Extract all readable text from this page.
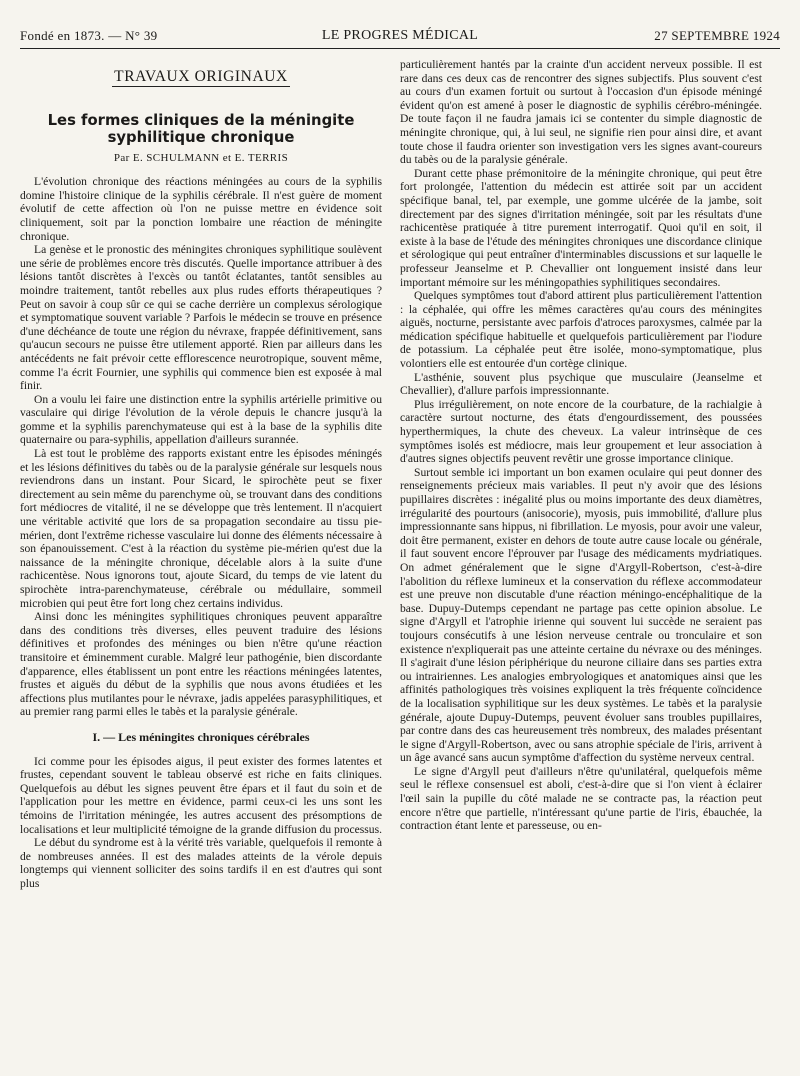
Fondé en 1873. — N° 39	LE PROGRES MÉDICAL	27 SEPTEMBRE 1924
TRAVAUX ORIGINAUX
Les formes cliniques de la méningite syphilitique chronique
Par E. SCHULMANN et E. TERRIS

L'évolution chronique des réactions méningées au cours de la syphilis domine l'histoire clinique de la syphilis cérébrale. Il n'est guère de moment évolutif de cette affection où l'on ne puisse mettre en évidence soit cliniquement, soit par la ponction lombaire une réaction de méningite chronique.

La genèse et le pronostic des méningites chroniques syphilitique soulèvent une série de problèmes encore très discutés. Quelle importance attribuer à des lésions tantôt discrètes à l'excès ou tantôt éclatantes, tantôt sensibles au moindre traitement, tantôt rebelles aux plus rudes efforts thérapeutiques ? Peut on savoir à coup sûr ce qui se cache derrière un complexus sérologique et symptomatique souvent variable ? Parfois le médecin se trouve en présence d'une déchéance de toute une région du névraxe, frappée définitivement, sans qu'aucun secours ne puisse être utilement apporté. Rien par ailleurs dans les antécédents ne fait prévoir cette efflorescence neurotropique, souvent même, comme l'a écrit Fournier, une syphilis qui commence bien est exposée à mal finir.

On a voulu lei faire une distinction entre la syphilis artérielle primitive ou vasculaire qui dirige l'évolution de la vérole depuis le chancre jusqu'à la gomme et la syphilis parenchymateuse qui est à la base de la syphilis dite quaternaire ou para-syphilis, appellation d'ailleurs surannée.

Là est tout le problème des rapports existant entre les épisodes méningés et les lésions définitives du tabès ou de la paralysie générale sur lesquels nous reviendrons dans un instant. Pour Sicard, le spirochète peut se fixer directement au sein même du parenchyme où, se trouvant dans des conditions fort médiocres de vitalité, il ne se développe que très lentement. Il n'acquiert une véritable activité que lors de sa propagation secondaire au tissu pie-mérien, dont l'extrême richesse vasculaire lui donne des éléments nécessaire à son épanouissement. C'est à la réaction du système pie-mérien qu'est due la naissance de la méningite chronique, décelable alors à la suite d'une rachicentèse. Nous ignorons tout, ajoute Sicard, du temps de vie latent du spirochète intra-parenchymateuse, cérébrale ou médullaire, sommeil microbien qui peut être fort long chez certains individus.

Ainsi donc les méningites syphilitiques chroniques peuvent apparaître dans des conditions très diverses, elles peuvent traduire des lésions définitives et profondes des méninges ou bien n'être qu'une réaction transitoire et éminemment curable. Malgré leur pathogénie, bien discordante d'apparence, elles établissent un pont entre les réactions méningées latentes, frustes et aiguës du début de la syphilis que nous avons étudiées et les affections plus mutilantes pour le névraxe, jadis appelées parasyphilitiques, et au premier rang parmi elles le tabès et la paralysie générale.

I. — Les méningites chroniques cérébrales

Ici comme pour les épisodes aigus, il peut exister des formes latentes et frustes, cependant souvent le tableau observé est riche en faits cliniques. Quelquefois au début les signes peuvent être épars et il faut du soin et de l'application pour les mettre en évidence, parmi ceux-ci les uns sont les témoins de l'irritation méningée, les autres accusent des présomptions de localisations et leur multiplicité témoigne de la grande diffusion du processus.

Le début du syndrome est à la vérité très variable, quelquefois il remonte à de nombreuses années. Il est des malades atteints de la vérole depuis longtemps qui viennent solliciter des soins tardifs il en est d'autres qui sont plus

particulièrement hantés par la crainte d'un accident nerveux possible. Il est rare dans ces deux cas de rencontrer des signes subjectifs. Plus souvent c'est au cours d'un examen fortuit ou surtout à l'occasion d'un épisode méningé évident qu'on est amené à poser le diagnostic de syphilis cérébro-méningée. De toute façon il ne faudra jamais ici se contenter du simple diagnostic de méningite chronique, qui, à lui seul, ne signifie rien pour ainsi dire, et avant toute chose il faudra orienter son investigation vers les signes avant-coureurs du tabès ou de la paralysie générale.

Durant cette phase prémonitoire de la méningite chronique, qui peut être fort prolongée, l'attention du médecin est attirée soit par un accident spécifique banal, tel, par exemple, une gomme ulcérée de la jambe, soit directement par des signes d'irritation méningée, soit par les résultats d'une rachicentèse pratiquée à titre purement interrogatif. Quoi qu'il en soit, il existe à la base de l'étude des méningites chroniques une discordance clinique et sérologique qui peut entraîner d'interminables discussions et sur laquelle le professeur Jeanselme et P. Chevallier ont longuement insisté dans leur important mémoire sur les méningopathies syphilitiques secondaires.

Quelques symptômes tout d'abord attirent plus particulièrement l'attention : la céphalée, qui offre les mêmes caractères qu'au cours des méningites aiguës, nocturne, persistante avec parfois d'atroces paroxysmes, calmée par la médication spécifique habituelle et quelquefois particulièrement par l'iodure de potassium. La céphalée peut être isolée, mono-symptomatique, plus volontiers elle est entourée d'un cortège clinique.

L'asthénie, souvent plus psychique que musculaire (Jeanselme et Chevallier), d'allure parfois impressionnante.

Plus irrégulièrement, on note encore de la courbature, de la rachialgie à caractère surtout nocturne, des états d'engourdissement, des poussées hyperthermiques, la chute des cheveux. La valeur intrinsèque de ces symptômes isolés est médiocre, mais leur groupement et leur association à d'autres signes objectifs peuvent revêtir une grosse importance clinique.

Surtout semble ici important un bon examen oculaire qui peut donner des renseignements précieux mais variables. Il peut n'y avoir que des lésions pupillaires discrètes : inégalité plus ou moins importante des deux diamètres, irrégularité des pourtours (anisocorie), myosis, puis immobilité, d'allure plus impressionnante sans hippus, ni fibrillation. Le myosis, pour avoir une valeur, doit être permanent, exister en dehors de toute autre cause locale ou générale, il faut souvent encore l'éprouver par l'usage des médicaments mydriatiques. On admet généralement que le signe d'Argyll-Robertson, c'est-à-dire l'abolition du réflexe lumineux et la conservation du réflexe accommodateur est une preuve non discutable d'une réaction méningo-encéphalitique de la base. Dupuy-Dutemps cependant ne partage pas cette opinion absolue. Le signe d'Argyll et l'atrophie irienne qui souvent lui succède ne seraient pas toujours consécutifs à une lésion nerveuse centrale ou tronculaire et son existence n'expliquerait pas une atteinte certaine du névraxe ou des méninges. Il s'agirait d'une lésion périphérique du neurone ciliaire dans ses parties extra ou intrairiennes. Les analogies embryologiques et anatomiques ainsi que les affinités pathologiques très voisines expliquent la très fréquente coïncidence de la localisation syphilitique sur les deux systèmes. Le tabès et la paralysie générale, ajoute Dupuy-Dutemps, peuvent évoluer sans troubles pupillaires, par contre dans des cas heureusement très nombreux, des malades présentant le signe d'Argyll-Robertson, avec ou sans atrophie spéciale de l'iris, arrivent à un âge avancé sans aucun symptôme d'affection du système nerveux central.

Le signe d'Argyll peut d'ailleurs n'être qu'unilatéral, quelquefois même seul le réflexe consensuel est aboli, c'est-à-dire que si l'on vient à éclairer l'œil sain la pupille du côté malade ne se contracte pas, la réaction peut encore n'être que partielle, n'intéressant qu'une partie de l'iris, ébauchée, la contraction étant lente et paresseuse, ou en-
